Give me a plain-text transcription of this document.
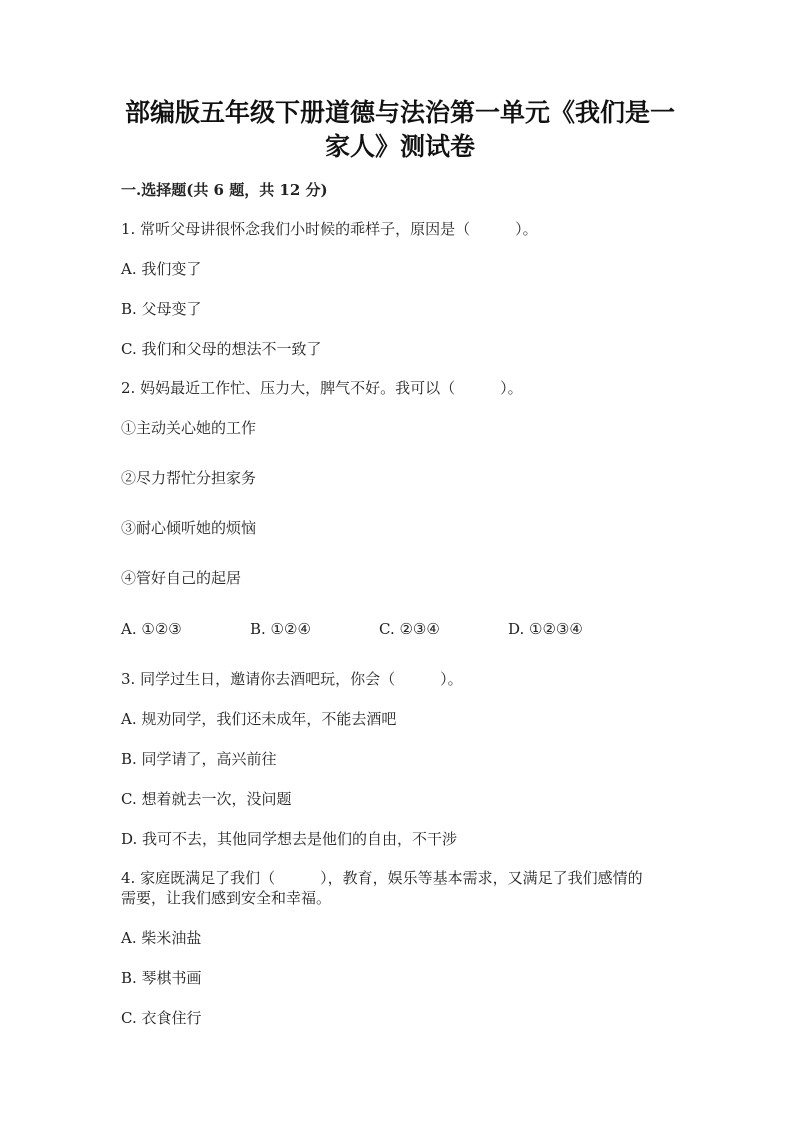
部编版五年级下册道德与法治第一单元《我们是一
家人》测试卷
一.选择题(共 6 题，共 12 分)
1. 常听父母讲很怀念我们小时候的乖样子，原因是（　　　）。
A. 我们变了
B. 父母变了
C. 我们和父母的想法不一致了
2. 妈妈最近工作忙、压力大，脾气不好。我可以（　　　）。
①主动关心她的工作
②尽力帮忙分担家务
③耐心倾听她的烦恼
④管好自己的起居
A. ①②③	B. ①②④	C. ②③④	D. ①②③④
3. 同学过生日，邀请你去酒吧玩，你会（　　　）。
A. 规劝同学，我们还未成年，不能去酒吧
B. 同学请了，高兴前往
C. 想着就去一次，没问题
D. 我可不去，其他同学想去是他们的自由，不干涉
4. 家庭既满足了我们（　　　），教育，娱乐等基本需求，又满足了我们感情的
需要，让我们感到安全和幸福。
A. 柴米油盐
B. 琴棋书画
C. 衣食住行
